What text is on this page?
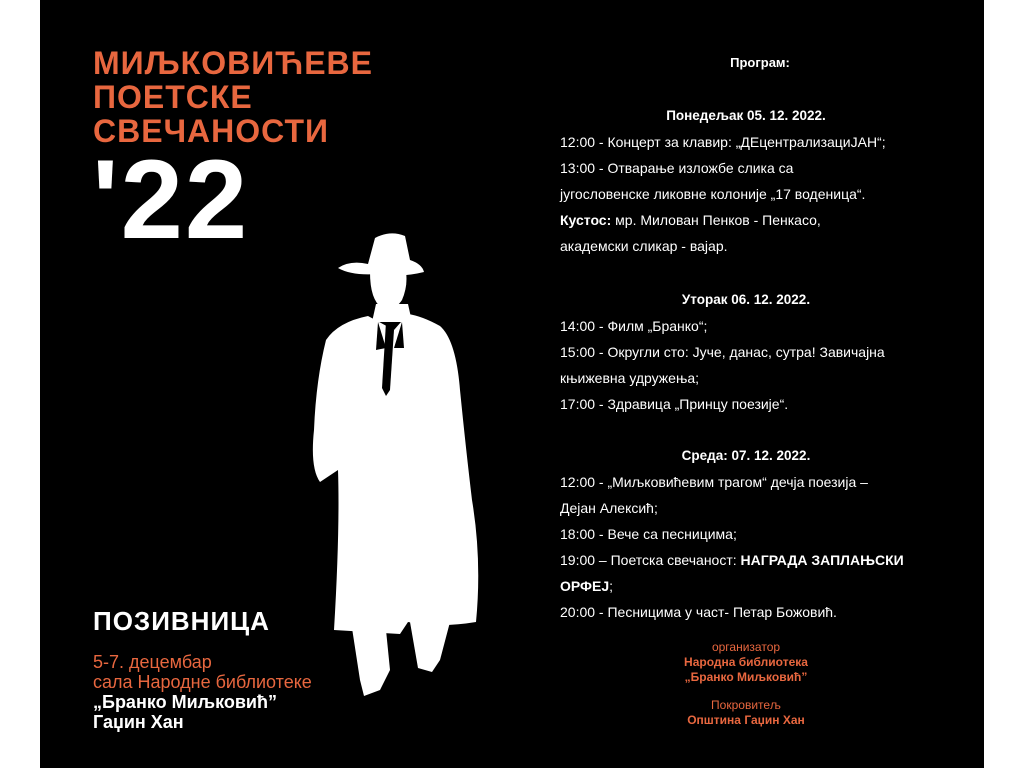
МИЉКОВИЋЕВЕ
ПОЕТСКЕ
СВЕЧАНОСТИ
'22
ПОЗИВНИЦА
5-7. децембар
сала Народне библиотеке
„Бранко Миљковић”
Гаџин Хан
Програм:
Понедељак 05. 12. 2022.
12:00 - Концерт за клавир: „ДЕцентрализациЈАН“;
13:00 - Отварање изложбе слика са
југословенске ликовне колоније „17 воденица“.
Кустос: мр. Милован Пенков - Пенкасо,
академски сликар - вајар.
Уторак 06. 12. 2022.
14:00 - Филм „Бранко“;
15:00 - Округли сто: Јуче, данас, сутра! Завичајна
књижевна удружења;
17:00 - Здравица „Принцу поезије“.
Среда: 07. 12. 2022.
12:00 - „Миљковићевим трагом“ дечја поезија –
Дејан Алексић;
18:00 - Вече са песницима;
19:00 – Поетска свечаност: НАГРАДА ЗАПЛАЊСКИ
ОРФЕЈ;
20:00 - Песницима у част- Петар Божовић.
организатор
Народна библиотека
„Бранко Миљковић”
Покровитељ
Општина Гаџин Хан
